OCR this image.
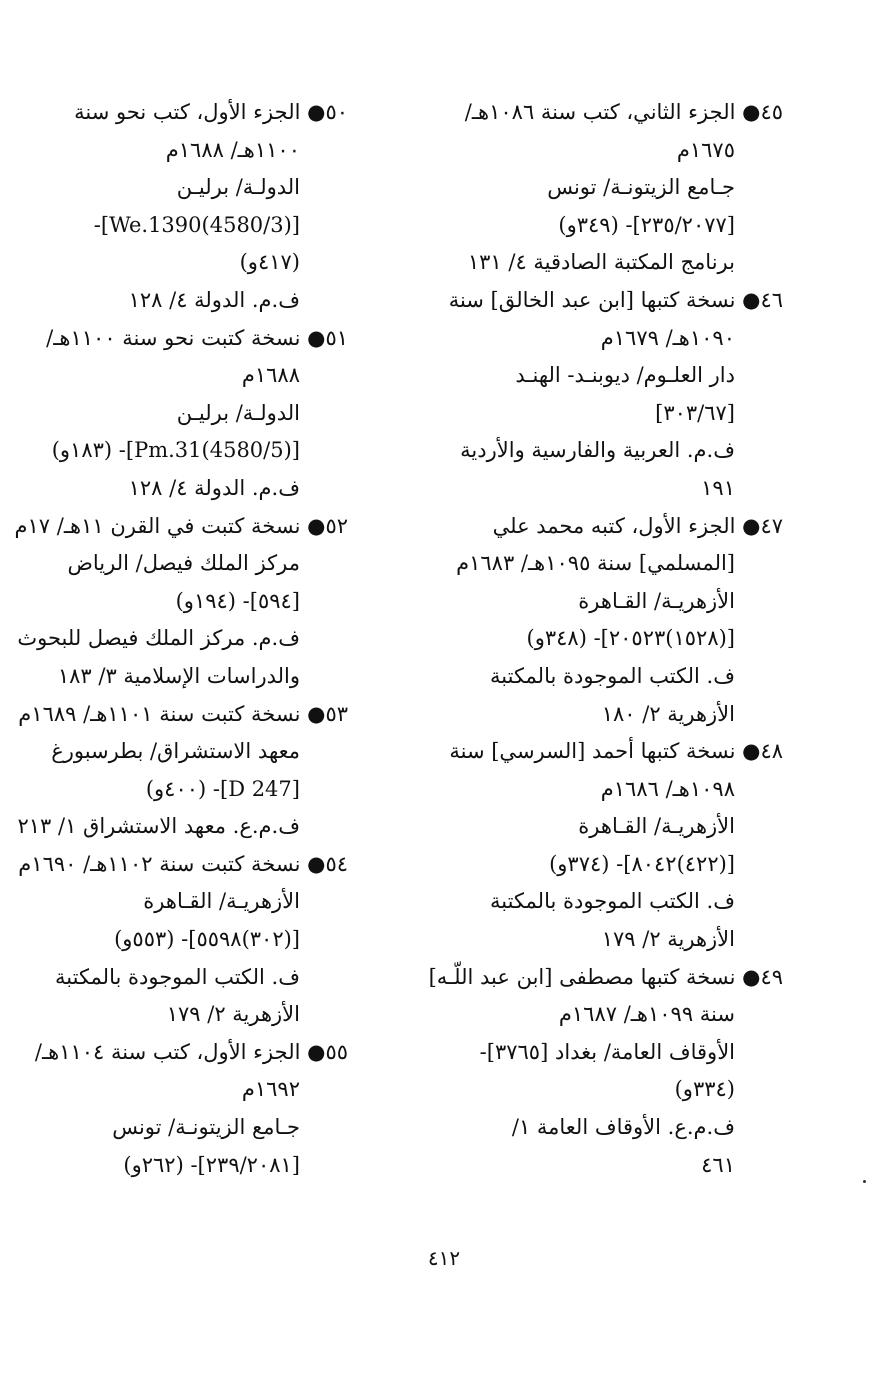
٤٥● الجزء الثاني، كتب سنة ١٠٨٦هـ/
١٦٧٥م
جـامع الزيتونـة/ تونس
[٢٣٥/٢٠٧٧]- (٣٤٩و)
برنامج المكتبة الصادقية ٤/ ١٣١
٤٦● نسخة كتبها [ابن عبد الخالق] سنة
١٠٩٠هـ/ ١٦٧٩م
دار العلـوم/ ديوبنـد- الهنـد
[٣٠٣/٦٧]
ف.م. العربية والفارسية والأردية
١٩١
٤٧● الجزء الأول، كتبه محمد علي
[المسلمي] سنة ١٠٩٥هـ/ ١٦٨٣م
الأزهريـة/ القـاهرة
[(١٥٢٨)٢٠٥٢٣]- (٣٤٨و)
ف. الكتب الموجودة بالمكتبة
الأزهرية ٢/ ١٨٠
٤٨● نسخة كتبها أحمد [السرسي] سنة
١٠٩٨هـ/ ١٦٨٦م
الأزهريـة/ القـاهرة
[(٤٢٢)٨٠٤٢]- (٣٧٤و)
ف. الكتب الموجودة بالمكتبة
الأزهرية ٢/ ١٧٩
٤٩● نسخة كتبها مصطفى [ابن عبد اللّـه]
سنة ١٠٩٩هـ/ ١٦٨٧م
الأوقاف العامة/ بغداد [٣٧٦٥]-
(٣٣٤و)
ف.م.ع. الأوقاف العامة ١/
٤٦١
٥٠● الجزء الأول، كتب نحو سنة
١١٠٠هـ/ ١٦٨٨م
الدولـة/ برليـن
[(4580/3)We.1390]-
(٤١٧و)
ف.م. الدولة ٤/ ١٢٨
٥١● نسخة كتبت نحو سنة ١١٠٠هـ/
١٦٨٨م
الدولـة/ برليـن
[(4580/5)Pm.31]- (١٨٣و)
ف.م. الدولة ٤/ ١٢٨
٥٢● نسخة كتبت في القرن ١١هـ/ ١٧م
مركز الملك فيصل/ الرياض
[٥٩٤]- (١٩٤و)
ف.م. مركز الملك فيصل للبحوث
والدراسات الإسلامية ٣/ ١٨٣
٥٣● نسخة كتبت سنة ١١٠١هـ/ ١٦٨٩م
معهد الاستشراق/ بطرسبورغ
[D 247]- (٤٠٠و)
ف.م.ع. معهد الاستشراق ١/ ٢١٣
٥٤● نسخة كتبت سنة ١١٠٢هـ/ ١٦٩٠م
الأزهريـة/ القـاهرة
[(٣٠٢)٥٥٩٨]- (٥٥٣و)
ف. الكتب الموجودة بالمكتبة
الأزهرية ٢/ ١٧٩
٥٥● الجزء الأول، كتب سنة ١١٠٤هـ/
١٦٩٢م
جـامع الزيتونـة/ تونس
[٢٣٩/٢٠٨١]- (٢٦٢و)
٤١٢
